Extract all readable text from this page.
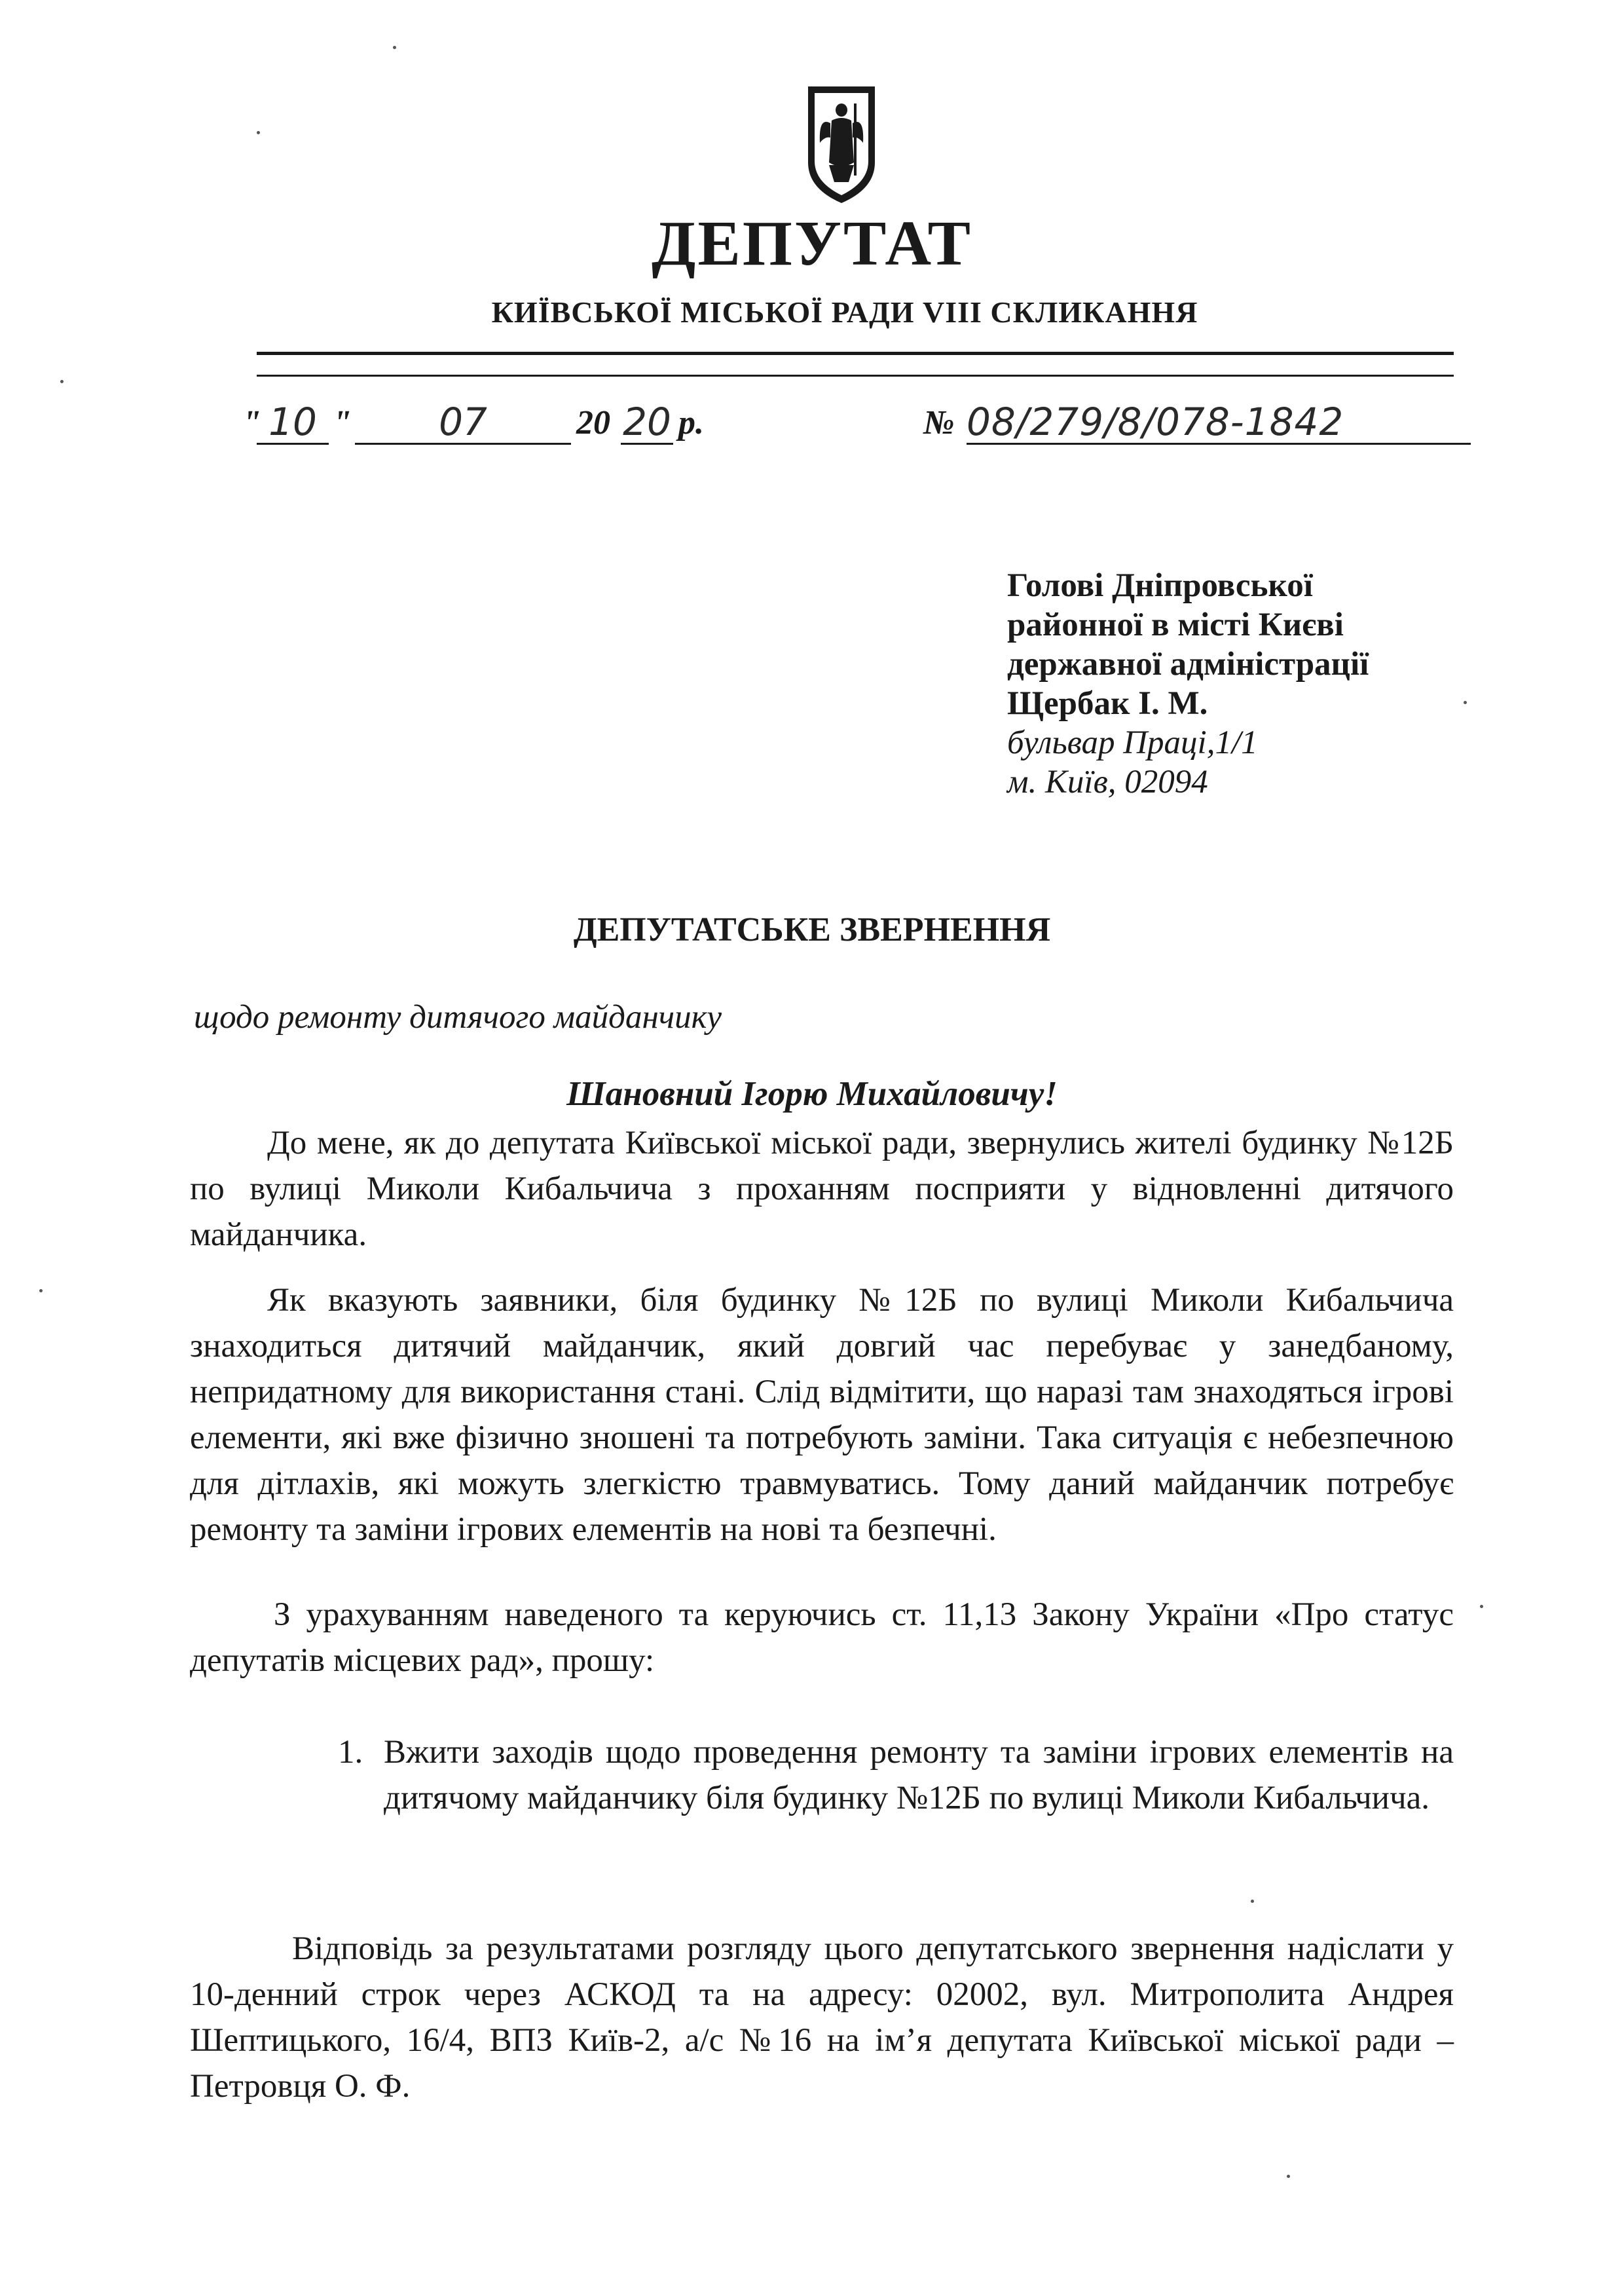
ДЕПУТАТ
КИЇВСЬКОЇ МІСЬКОЇ РАДИ VIII СКЛИКАННЯ
" 10 "	07	20 20 р.	№ 08/279/8/078-1842
Голові Дніпровської
районної в місті Києві
державної адміністрації
Щербак І. М.
бульвар Праці,1/1
м. Київ, 02094
ДЕПУТАТСЬКЕ ЗВЕРНЕННЯ
щодо ремонту дитячого майданчику
Шановний Ігорю Михайловичу!

До мене, як до депутата Київської міської ради, звернулись жителі будинку №12Б по вулиці Миколи Кибальчича з проханням посприяти у відновленні дитячого майданчика.

Як вказують заявники, біля будинку №12Б по вулиці Миколи Кибальчича знаходиться дитячий майданчик, який довгий час перебуває у занедбаному, непридатному для використання стані. Слід відмітити, що наразі там знаходяться ігрові елементи, які вже фізично зношені та потребують заміни. Така ситуація є небезпечною для дітлахів, які можуть злегкістю травмуватись. Тому даний майданчик потребує ремонту та заміни ігрових елементів на нові та безпечні.

З урахуванням наведеного та керуючись ст. 11,13 Закону України «Про статус депутатів місцевих рад», прошу:

1. Вжити заходів щодо проведення ремонту та заміни ігрових елементів на дитячому майданчику біля будинку №12Б по вулиці Миколи Кибальчича.

Відповідь за результатами розгляду цього депутатського звернення надіслати у 10-денний строк через АСКОД та на адресу: 02002, вул. Митрополита Андрея Шептицького, 16/4, ВПЗ Київ-2, а/с №16 на ім’я депутата Київської міської ради – Петровця О. Ф.
